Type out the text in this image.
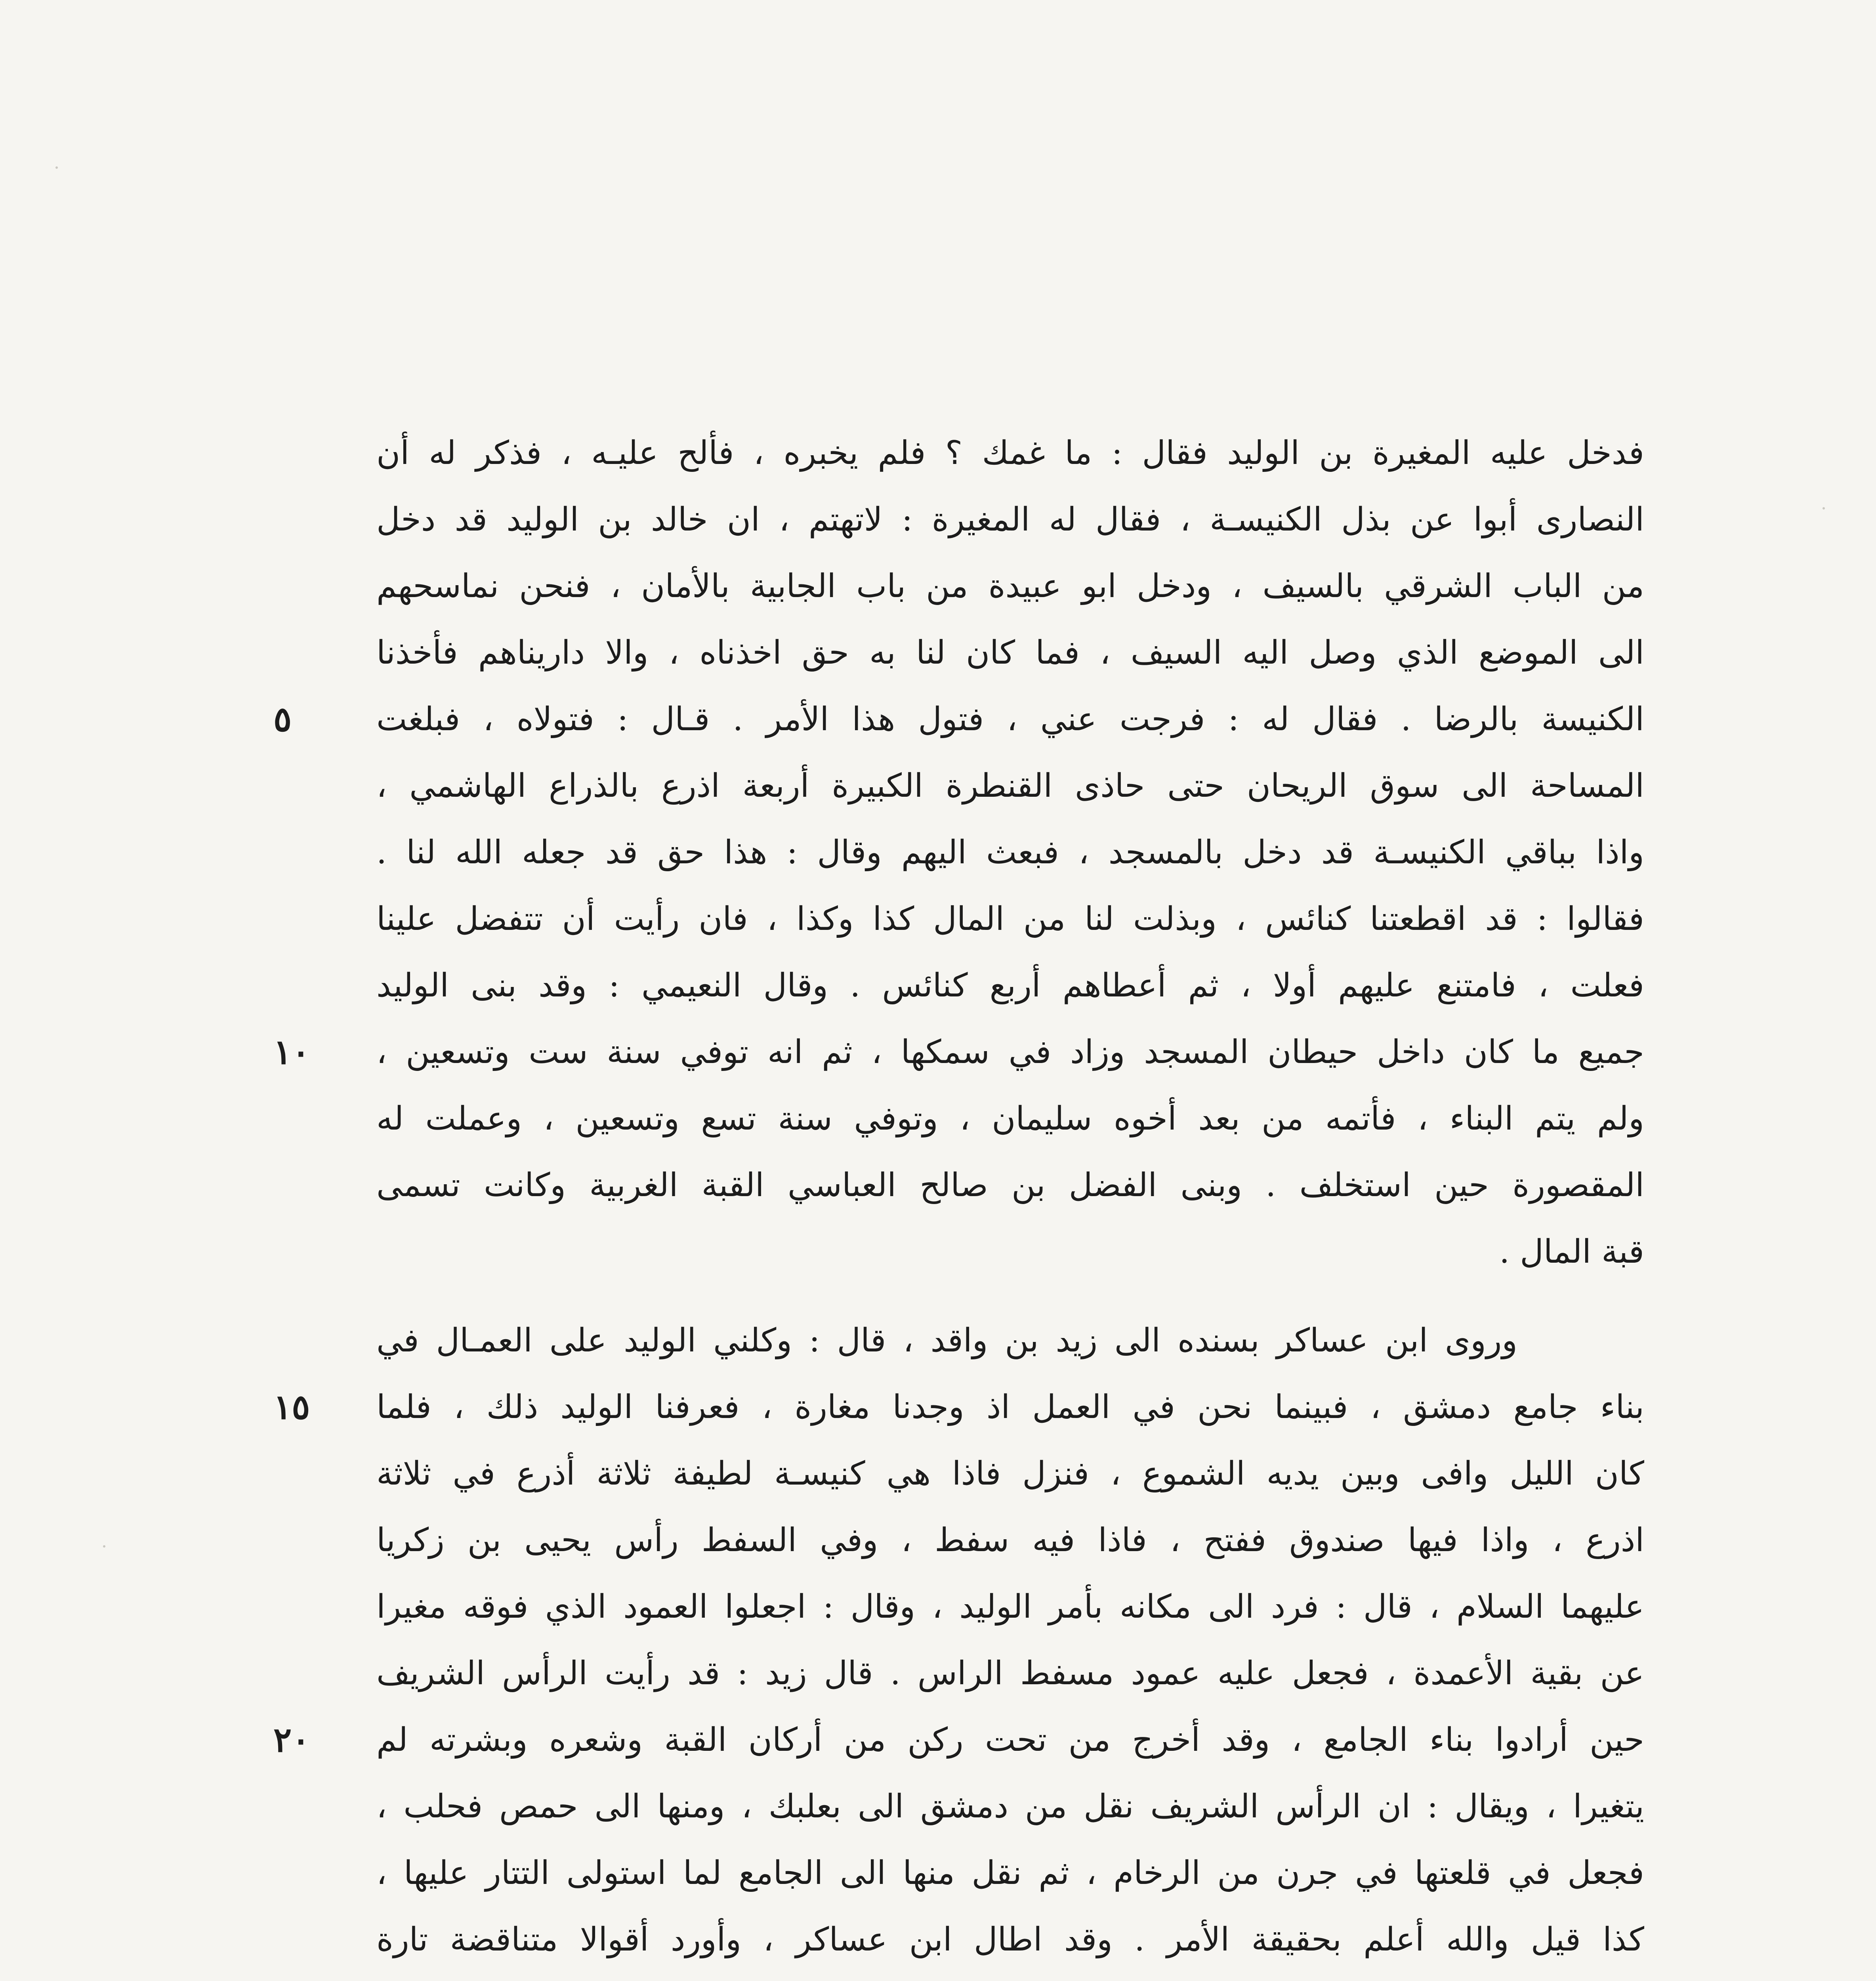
فدخل عليه المغيرة بن الوليد فقال : ما غمك ؟ فلم يخبره ، فألح عليـه ، فذكر له أن
النصارى أبوا عن بذل الكنيسـة ، فقال له المغيرة : لاتهتم ، ان خالد بن الوليد قد دخل
من الباب الشرقي بالسيف ، ودخل ابو عبيدة من باب الجابية بالأمان ، فنحن نماسحهم
الى الموضع الذي وصل اليه السيف ، فما كان لنا به حق اخذناه ، والا داريناهم فأخذنا
الكنيسة بالرضا . فقال له : فرجت عني ، فتول هذا الأمر . قـال : فتولاه ، فبلغت
المساحة الى سوق الريحان حتى حاذى القنطرة الكبيرة أربعة اذرع بالذراع الهاشمي ،
واذا بباقي الكنيسـة قد دخل بالمسجد ، فبعث اليهم وقال : هذا حق قد جعله الله لنا .
فقالوا : قد اقطعتنا كنائس ، وبذلت لنا من المال كذا وكذا ، فان رأيت أن تتفضل علينا
فعلت ، فامتنع عليهم أولا ، ثم أعطاهم أربع كنائس . وقال النعيمي : وقد بنى الوليد
جميع ما كان داخل حيطان المسجد وزاد في سمكها ، ثم انه توفي سنة ست وتسعين ،
ولم يتم البناء ، فأتمه من بعد أخوه سليمان ، وتوفي سنة تسع وتسعين ، وعملت له
المقصورة حين استخلف . وبنى الفضل بن صالح العباسي القبة الغربية وكانت تسمى
قبة المال .
وروى ابن عساكر بسنده الى زيد بن واقد ، قال : وكلني الوليد على العمـال في
بناء جامع دمشق ، فبينما نحن في العمل اذ وجدنا مغارة ، فعرفنا الوليد ذلك ، فلما
كان الليل وافى وبين يديه الشموع ، فنزل فاذا هي كنيسـة لطيفة ثلاثة أذرع في ثلاثة
اذرع ، واذا فيها صندوق ففتح ، فاذا فيه سفط ، وفي السفط رأس يحيى بن زكريا
عليهما السلام ، قال : فرد الى مكانه بأمر الوليد ، وقال : اجعلوا العمود الذي فوقه مغيرا
عن بقية الأعمدة ، فجعل عليه عمود مسفط الراس . قال زيد : قد رأيت الرأس الشريف
حين أرادوا بناء الجامع ، وقد أخرج من تحت ركن من أركان القبة وشعره وبشرته لم
يتغيرا ، ويقال : ان الرأس الشريف نقل من دمشق الى بعلبك ، ومنها الى حمص فحلب ،
فجعل في قلعتها في جرن من الرخام ، ثم نقل منها الى الجامع لما استولى التتار عليها ،
كذا قيل والله أعلم بحقيقة الأمر . وقد اطال ابن عساكر ، وأورد أقوالا متناقضة تارة
٥
١٠
١٥
٢٠
